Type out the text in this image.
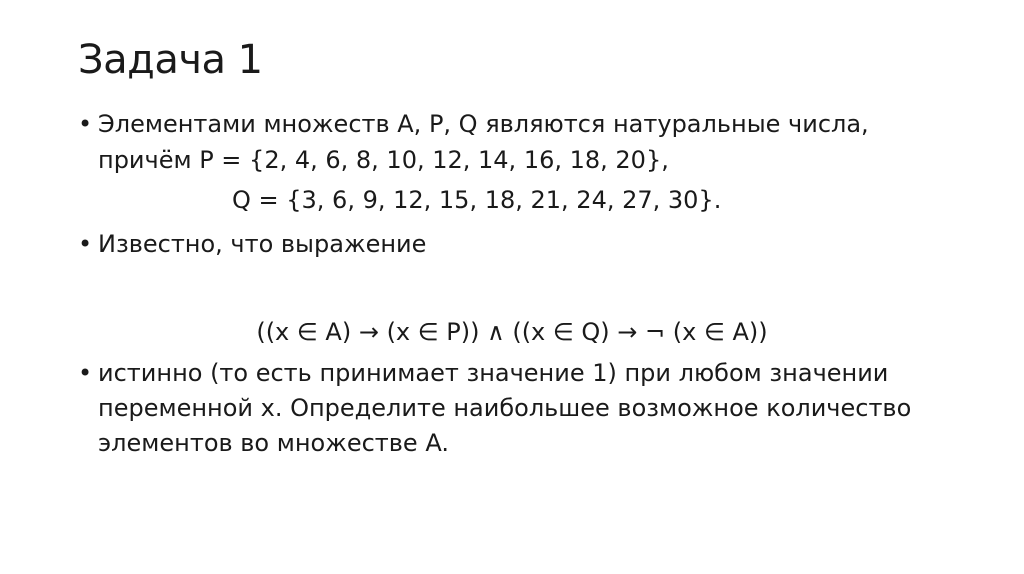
Задача 1
• Элементами множеств A, P, Q являются натуральные числа,

причём P = {2, 4, 6, 8, 10, 12, 14, 16, 18, 20},

Q = {3, 6, 9, 12, 15, 18, 21, 24, 27, 30}.

• Известно, что выражение

((x ∈ A) → (x ∈ P)) ∧ ((x ∈ Q) → ¬ (x ∈ A))

• истинно (то есть принимает значение 1) при любом значении

переменной x. Определите наибольшее возможное количество

элементов во множестве A.
